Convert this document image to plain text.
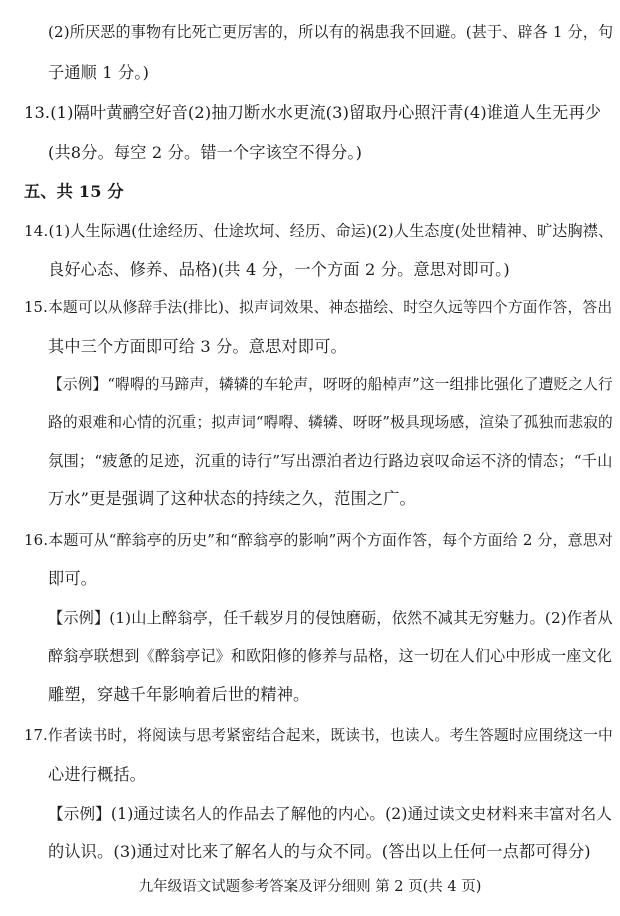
(2)所厌恶的事物有比死亡更厉害的，所以有的祸患我不回避。(甚于、辟各 1 分，句
子通顺 1 分。)
13.(1)隔叶黄鹂空好音(2)抽刀断水水更流(3)留取丹心照汗青(4)谁道人生无再少
(共8分。每空 2 分。错一个字该空不得分。)
五、共 15 分
14.(1)人生际遇(仕途经历、仕途坎坷、经历、命运)(2)人生态度(处世精神、旷达胸襟、
良好心态、修养、品格)(共 4 分，一个方面 2 分。意思对即可。)
15.本题可以从修辞手法(排比)、拟声词效果、神态描绘、时空久远等四个方面作答，答出
其中三个方面即可给 3 分。意思对即可。
【示例】“嘚嘚的马蹄声，辚辚的车轮声，呀呀的船棹声”这一组排比强化了遭贬之人行
路的艰难和心情的沉重；拟声词“嘚嘚、辚辚、呀呀”极具现场感，渲染了孤独而悲寂的
氛围；“疲惫的足迹，沉重的诗行”写出漂泊者边行路边哀叹命运不济的情态；“千山
万水”更是强调了这种状态的持续之久，范围之广。
16.本题可从“醉翁亭的历史”和“醉翁亭的影响”两个方面作答，每个方面给 2 分，意思对
即可。
【示例】(1)山上醉翁亭，任千载岁月的侵蚀磨砺，依然不减其无穷魅力。(2)作者从
醉翁亭联想到《醉翁亭记》和欧阳修的修养与品格，这一切在人们心中形成一座文化
雕塑，穿越千年影响着后世的精神。
17.作者读书时，将阅读与思考紧密结合起来，既读书，也读人。考生答题时应围绕这一中
心进行概括。
【示例】(1)通过读名人的作品去了解他的内心。(2)通过读文史材料来丰富对名人
的认识。(3)通过对比来了解名人的与众不同。(答出以上任何一点都可得分)
九年级语文试题参考答案及评分细则 第 2 页(共 4 页)
